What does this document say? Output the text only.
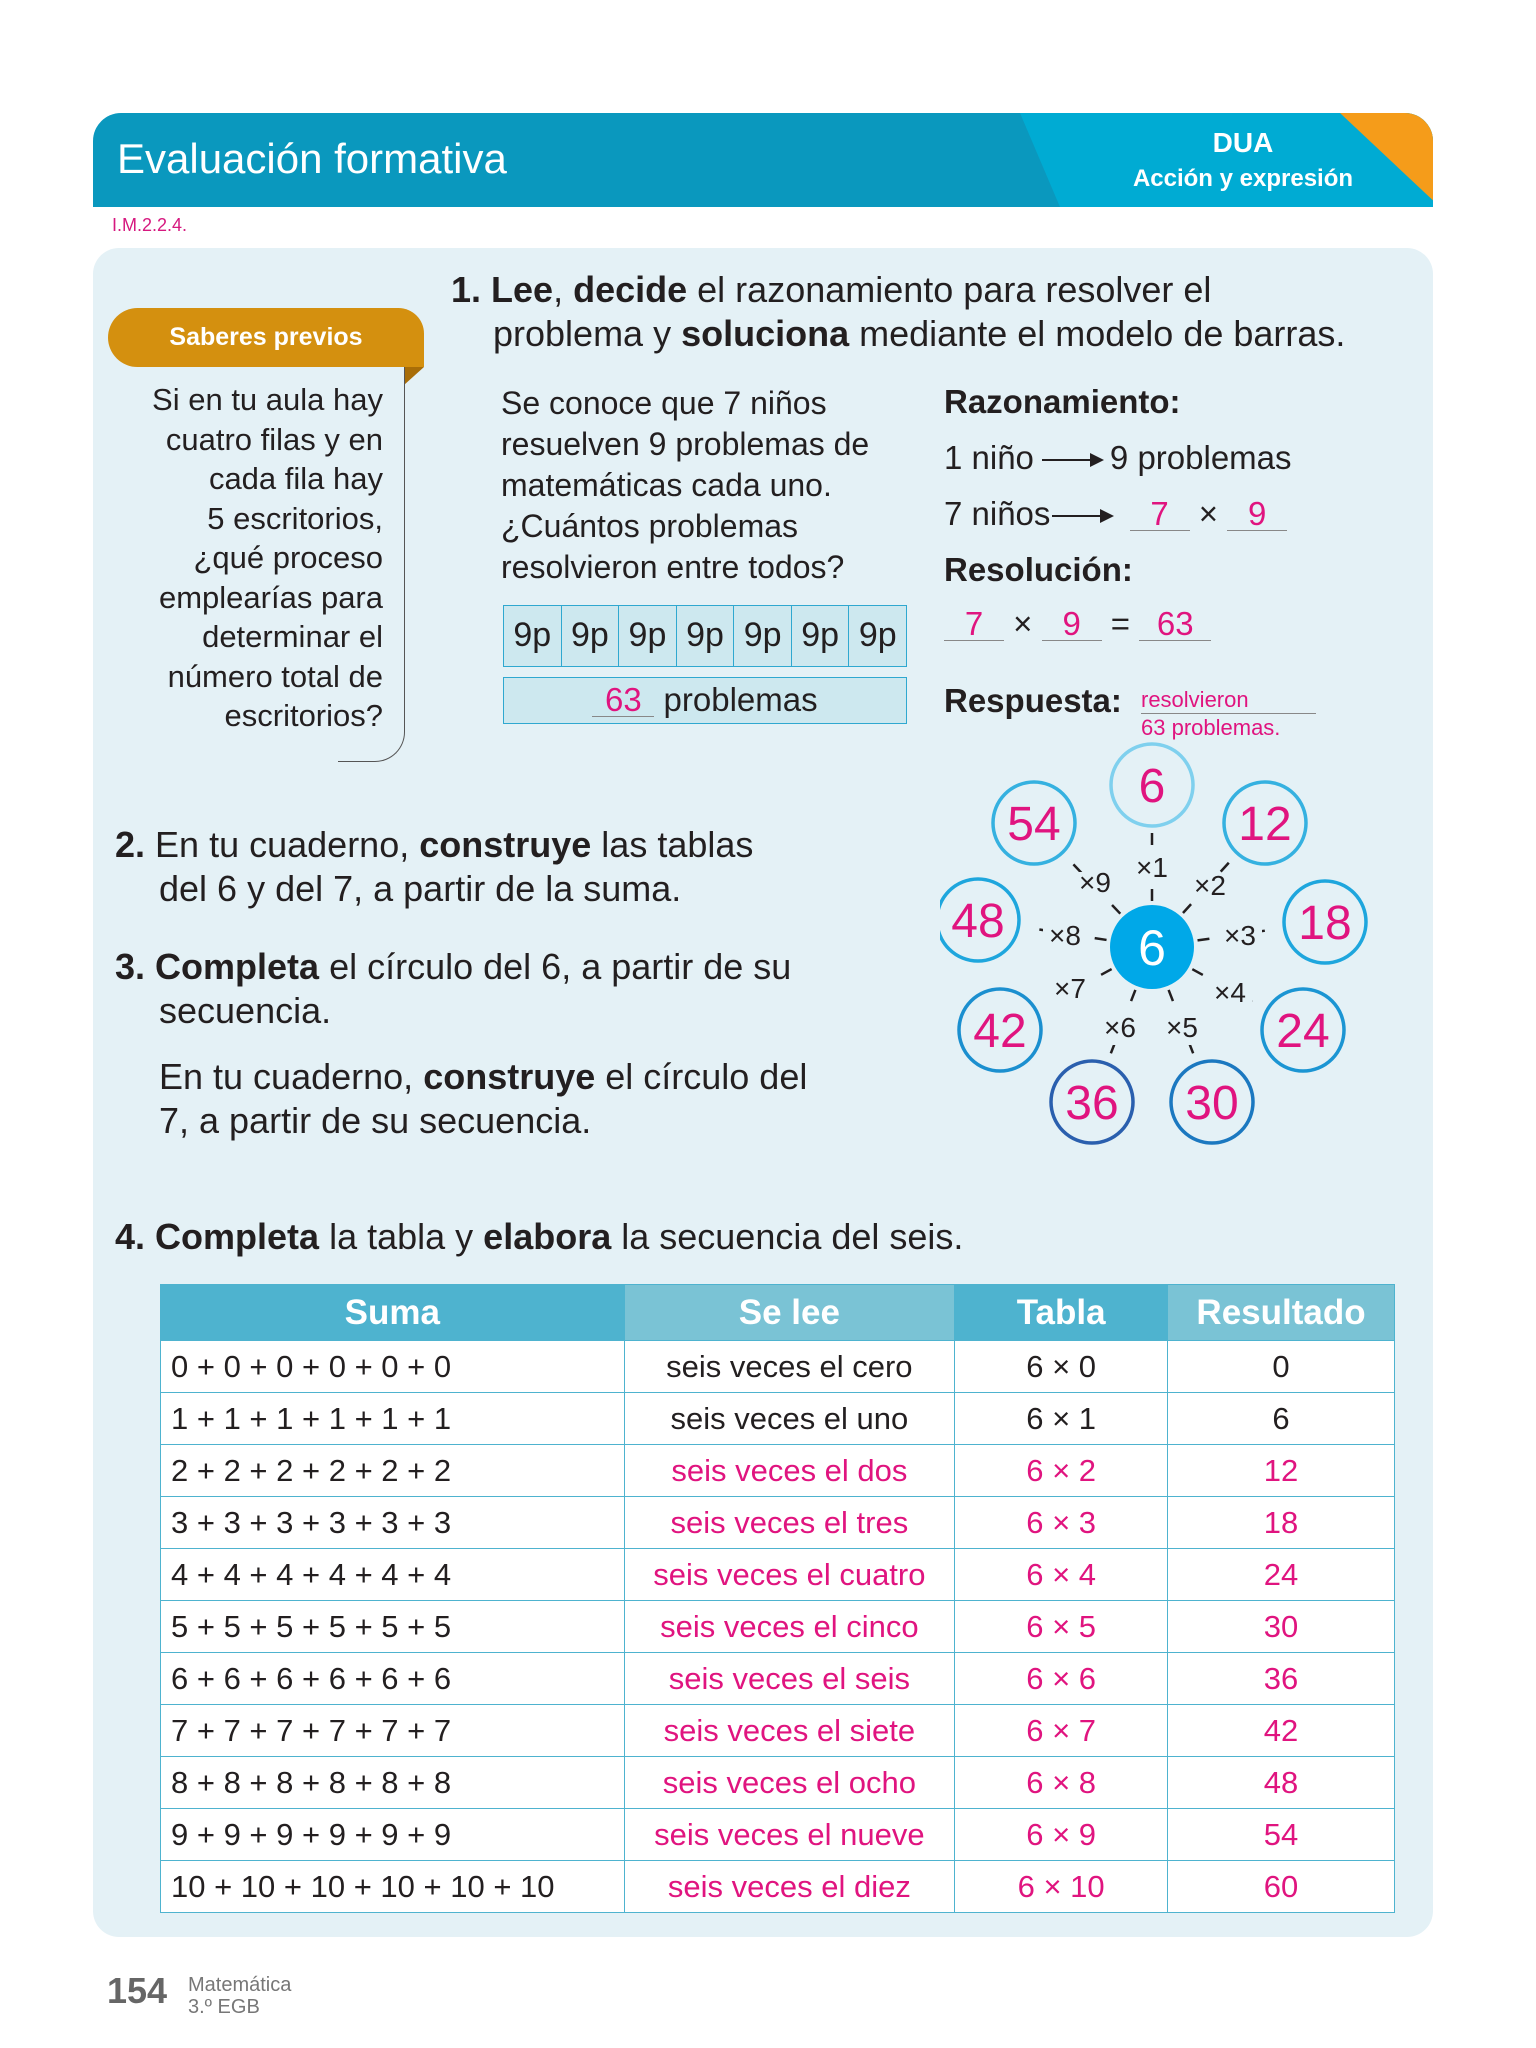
Evaluación formativa	DUA
Acción y expresión
I.M.2.2.4.
Saberes previos
Si en tu aula hay
cuatro filas y en
cada fila hay
5 escritorios,
¿qué proceso
emplearías para
determinar el
número total de
escritorios?
1. Lee, decide el razonamiento para resolver el
problema y soluciona mediante el modelo de barras.
Se conoce que 7 niños
resuelven 9 problemas de
matemáticas cada uno.
¿Cuántos problemas
resolvieron entre todos?
9p 9p 9p 9p 9p 9p 9p
63 problemas
Razonamiento:
1 niño 9 problemas
7 niños	7 × 9
Resolución:
7 × 9 = 63
Respuesta: resolvieron
63 problemas.
2. En tu cuaderno, construye las tablas
del 6 y del 7, a partir de la suma.
3. Completa el círculo del 6, a partir de su
secuencia.
En tu cuaderno, construye el círculo del
7, a partir de su secuencia.
×1
6
×2
12
×3 18
×4
24
×5
30
×6
36
×7
42
×8
48
×9
54
6
4. Completa la tabla y elabora la secuencia del seis.
Suma	Se lee	Tabla	Resultado
0 + 0 + 0 + 0 + 0 + 0	seis veces el cero	6 × 0	0
1 + 1 + 1 + 1 + 1 + 1	seis veces el uno	6 × 1	6
2 + 2 + 2 + 2 + 2 + 2	seis veces el dos	6 × 2	12
3 + 3 + 3 + 3 + 3 + 3	seis veces el tres	6 × 3	18
4 + 4 + 4 + 4 + 4 + 4	seis veces el cuatro	6 × 4	24
5 + 5 + 5 + 5 + 5 + 5	seis veces el cinco	6 × 5	30
6 + 6 + 6 + 6 + 6 + 6	seis veces el seis	6 × 6	36
7 + 7 + 7 + 7 + 7 + 7	seis veces el siete	6 × 7	42
8 + 8 + 8 + 8 + 8 + 8	seis veces el ocho	6 × 8	48
9 + 9 + 9 + 9 + 9 + 9	seis veces el nueve	6 × 9	54
10 + 10 + 10 + 10 + 10 + 10	seis veces el diez	6 × 10	60
154 Matemática
3.º EGB
